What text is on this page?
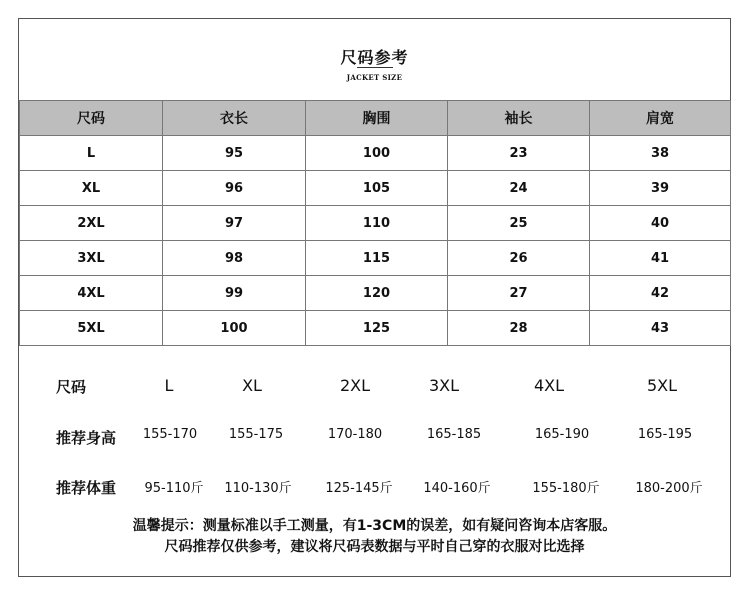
尺码参考
JACKET SIZE
尺码	衣长	胸围	袖长	肩宽
L	95	100	23	38
XL	96	105	24	39
2XL	97	110	25	40
3XL	98	115	26	41
4XL	99	120	27	42
5XL	100	125	28	43
尺码	L	XL	2XL	3XL	4XL	5XL
推荐身高 155-170 155-175	170-180	165-185	165-190	165-195
推荐体重 95-110斤 110-130斤	125-145斤 140-160斤	155-180斤	180-200斤
温馨提示：测量标准以手工测量，有1-3CM的误差，如有疑问咨询本店客服。
尺码推荐仅供参考，建议将尺码表数据与平时自己穿的衣服对比选择
